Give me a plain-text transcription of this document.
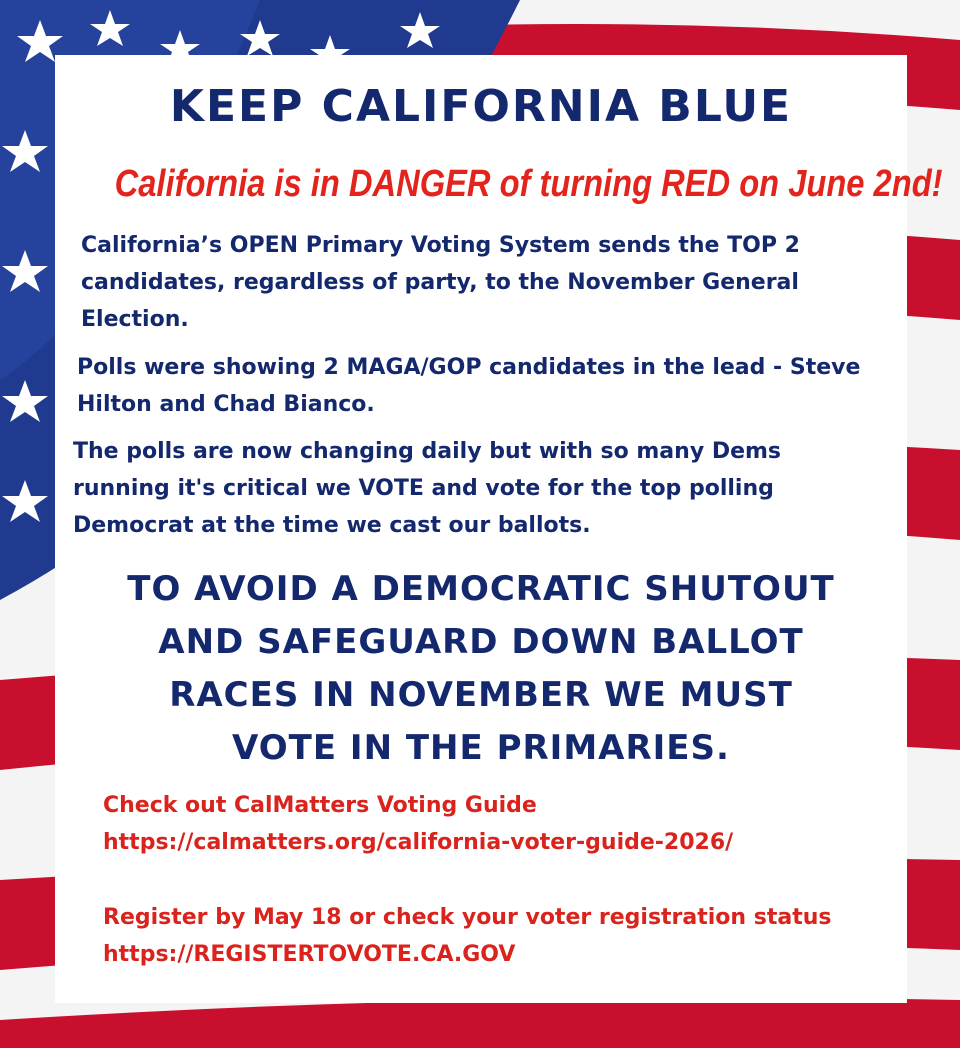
KEEP CALIFORNIA BLUE

California is in DANGER of turning RED on June 2nd!

California’s OPEN Primary Voting System sends the TOP 2 candidates, regardless of party, to the November General Election.

Polls were showing 2 MAGA/GOP candidates in the lead - Steve Hilton and Chad Bianco.

The polls are now changing daily but with so many Dems running it's critical we VOTE and vote for the top polling Democrat at the time we cast our ballots.

TO AVOID A DEMOCRATIC SHUTOUT
AND SAFEGUARD DOWN BALLOT
RACES IN NOVEMBER WE MUST
VOTE IN THE PRIMARIES.
Check out CalMatters Voting Guide
https://calmatters.org/california-voter-guide-2026/
Register by May 18 or check your voter registration status
https://REGISTERTOVOTE.CA.GOV
